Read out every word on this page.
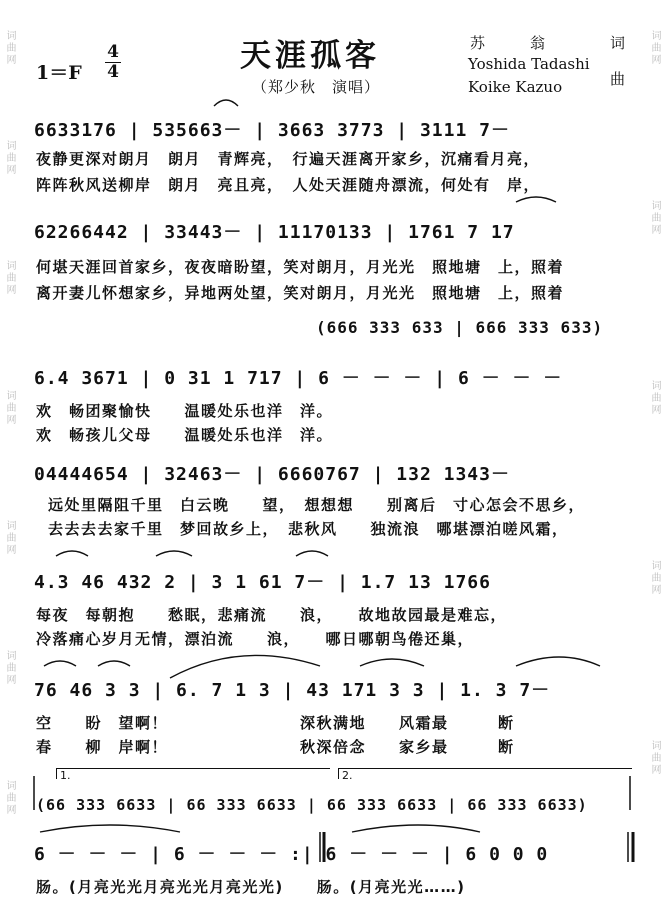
词曲网
词曲网
词曲网
词曲网
词曲网
词曲网
词曲网
词曲网
词曲网
词曲网
词曲网
词曲网
天涯孤客
（郑少秋　演唱）
1＝F
4
4
苏　　　翁	词
Yoshida Tadashi
Koike Kazuo	曲
6633176 | 535663－ | 3663 3773 | 3111 7－
夜静更深对朗月　朗月　青辉亮，　行遍天涯离开家乡，沉痛看月亮，
阵阵秋风送柳岸　朗月　亮且亮，　人处天涯随舟漂流，何处有　岸，
62266442 | 33443－ | 11170133 | 1761 7 17
何堪天涯回首家乡，夜夜暗盼望，笑对朗月，月光光　照地塘　上，照着
离开妻儿怀想家乡，异地两处望，笑对朗月，月光光　照地塘　上，照着
(666 333 633 | 666 333 633)
6.4 3671 | 0 31 1 717 | 6 － － － | 6 － － －
欢　畅团聚愉快　　温暖处乐也洋　洋。
欢　畅孩儿父母　　温暖处乐也洋　洋。
04444654 | 32463－ | 6660767 | 132 1343－
远处里隔阻千里　白云晚　　望，　想想想　　别离后　寸心怎会不思乡，
去去去去家千里　梦回故乡上，　悲秋风　　独流浪　哪堪漂泊嗟风霜，
4.3 46 432 2 | 3 1 61 7－ | 1.7 13 1766
每夜　每朝抱　　愁眠，悲痛流　　浪，　　故地故园最是难忘，
冷落痛心岁月无情，漂泊流　　浪，　　哪日哪朝鸟倦还巢，
76 46 3 3 | 6. 7 1 3 | 43 171 3 3 | 1. 3 7－
空　　盼　望啊！　　　　　　　　深秋满地　　风霜最　　　断
春　　柳　岸啊！　　　　　　　　秋深倍念　　家乡最　　　断
1.	2.
(66 333 6633 | 66 333 6633 | 66 333 6633 | 66 333 6633)
6 － － － | 6 － － － :| 6 － － － | 6 0 0 0
肠。(月亮光光月亮光光月亮光光)　　肠。(月亮光光……)
